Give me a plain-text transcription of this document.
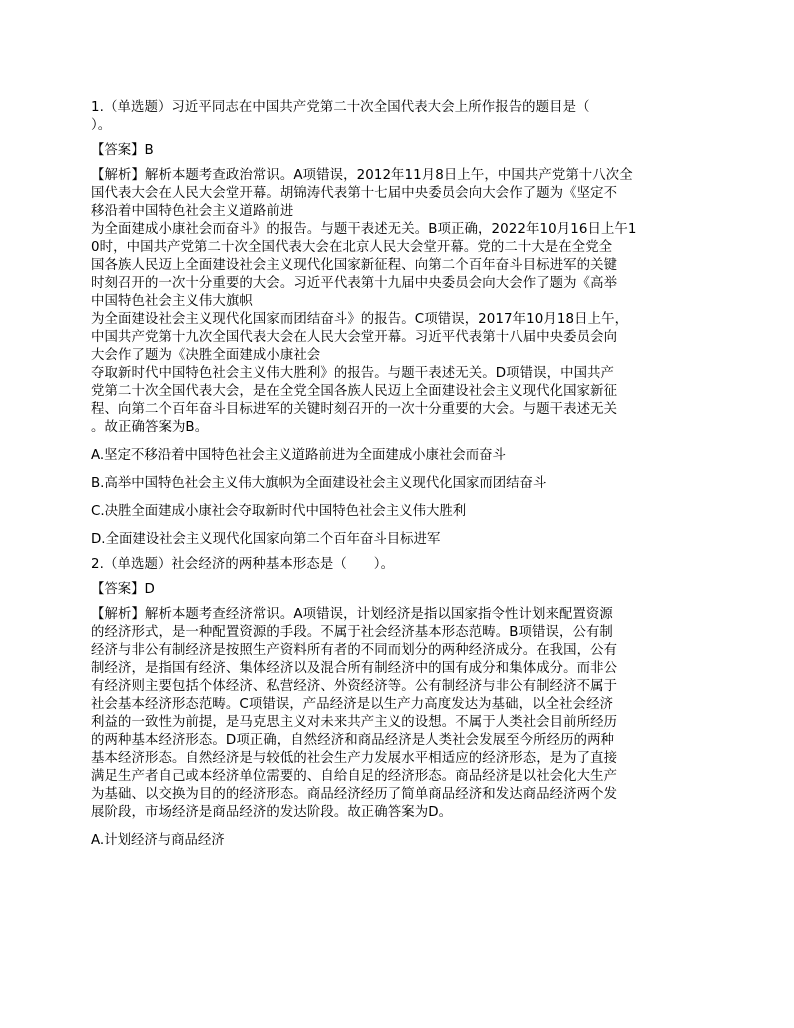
1.（单选题）习近平同志在中国共产党第二十次全国代表大会上所作报告的题目是（
）。
【答案】B
【解析】解析本题考查政治常识。A项错误，2012年11月8日上午，中国共产党第十八次全
国代表大会在人民大会堂开幕。胡锦涛代表第十七届中央委员会向大会作了题为《坚定不
移沿着中国特色社会主义道路前进
为全面建成小康社会而奋斗》的报告。与题干表述无关。B项正确，2022年10月16日上午1
0时，中国共产党第二十次全国代表大会在北京人民大会堂开幕。党的二十大是在全党全
国各族人民迈上全面建设社会主义现代化国家新征程、向第二个百年奋斗目标进军的关键
时刻召开的一次十分重要的大会。习近平代表第十九届中央委员会向大会作了题为《高举
中国特色社会主义伟大旗帜
为全面建设社会主义现代化国家而团结奋斗》的报告。C项错误，2017年10月18日上午，
中国共产党第十九次全国代表大会在人民大会堂开幕。习近平代表第十八届中央委员会向
大会作了题为《决胜全面建成小康社会
夺取新时代中国特色社会主义伟大胜利》的报告。与题干表述无关。D项错误，中国共产
党第二十次全国代表大会，是在全党全国各族人民迈上全面建设社会主义现代化国家新征
程、向第二个百年奋斗目标进军的关键时刻召开的一次十分重要的大会。与题干表述无关
。故正确答案为B。
A.坚定不移沿着中国特色社会主义道路前进为全面建成小康社会而奋斗
B.高举中国特色社会主义伟大旗帜为全面建设社会主义现代化国家而团结奋斗
C.决胜全面建成小康社会夺取新时代中国特色社会主义伟大胜利
D.全面建设社会主义现代化国家向第二个百年奋斗目标进军
2.（单选题）社会经济的两种基本形态是（　　）。
【答案】D
【解析】解析本题考查经济常识。A项错误，计划经济是指以国家指令性计划来配置资源
的经济形式，是一种配置资源的手段。不属于社会经济基本形态范畴。B项错误，公有制
经济与非公有制经济是按照生产资料所有者的不同而划分的两种经济成分。在我国，公有
制经济，是指国有经济、集体经济以及混合所有制经济中的国有成分和集体成分。而非公
有经济则主要包括个体经济、私营经济、外资经济等。公有制经济与非公有制经济不属于
社会基本经济形态范畴。C项错误，产品经济是以生产力高度发达为基础，以全社会经济
利益的一致性为前提，是马克思主义对未来共产主义的设想。不属于人类社会目前所经历
的两种基本经济形态。D项正确，自然经济和商品经济是人类社会发展至今所经历的两种
基本经济形态。自然经济是与较低的社会生产力发展水平相适应的经济形态，是为了直接
满足生产者自己或本经济单位需要的、自给自足的经济形态。商品经济是以社会化大生产
为基础、以交换为目的的经济形态。商品经济经历了简单商品经济和发达商品经济两个发
展阶段，市场经济是商品经济的发达阶段。故正确答案为D。
A.计划经济与商品经济
